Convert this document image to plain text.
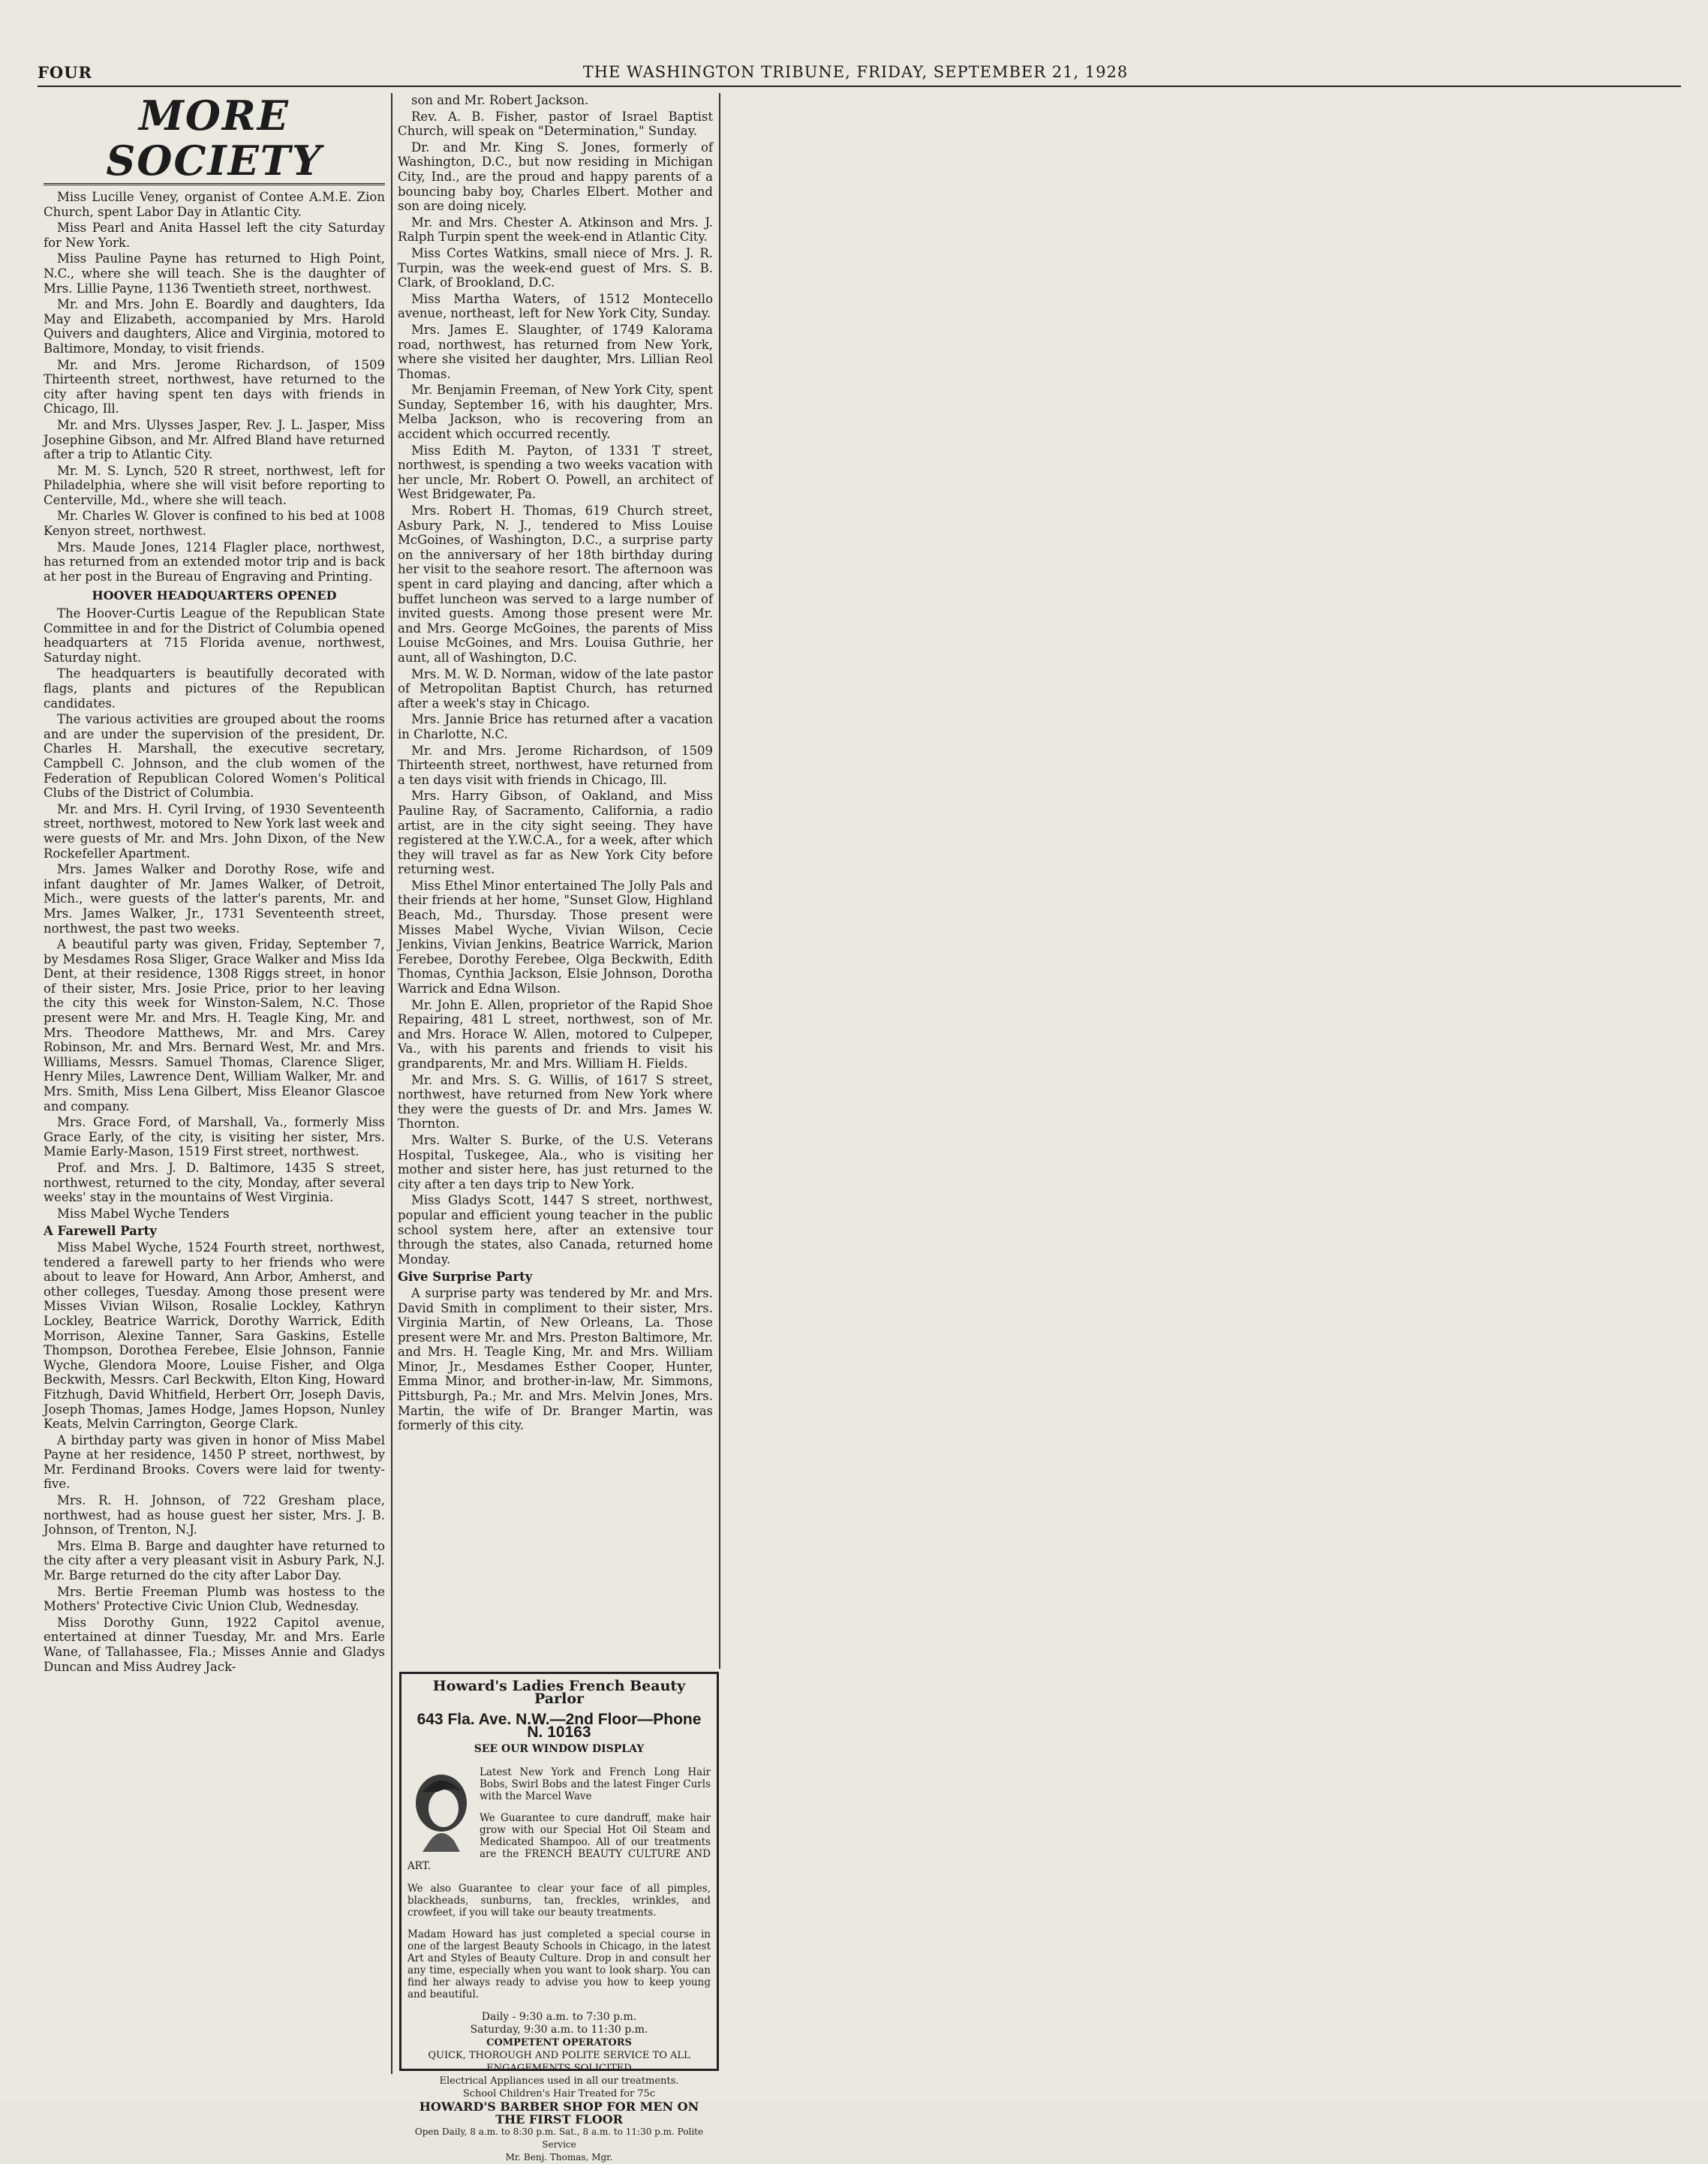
FOUR	THE WASHINGTON TRIBUNE, FRIDAY, SEPTEMBER 21, 1928
MORE SOCIETY

Miss Lucille Veney, organist of Contee A.M.E. Zion Church, spent Labor Day in Atlantic City.

Miss Pearl and Anita Hassel left the city Saturday for New York.

Miss Pauline Payne has returned to High Point, N.C., where she will teach. She is the daughter of Mrs. Lillie Payne, 1136 Twentieth street, northwest.

Mr. and Mrs. John E. Boardly and daughters, Ida May and Elizabeth, accompanied by Mrs. Harold Quivers and daughters, Alice and Virginia, motored to Baltimore, Monday, to visit friends.

Mr. and Mrs. Jerome Richardson, of 1509 Thirteenth street, northwest, have returned to the city after having spent ten days with friends in Chicago, Ill.

Mr. and Mrs. Ulysses Jasper, Rev. J. L. Jasper, Miss Josephine Gibson, and Mr. Alfred Bland have returned after a trip to Atlantic City.

Mr. M. S. Lynch, 520 R street, northwest, left for Philadelphia, where she will visit before reporting to Centerville, Md., where she will teach.

Mr. Charles W. Glover is confined to his bed at 1008 Kenyon street, northwest.

Mrs. Maude Jones, 1214 Flagler place, northwest, has returned from an extended motor trip and is back at her post in the Bureau of Engraving and Printing.

HOOVER HEADQUARTERS OPENED

The Hoover-Curtis League of the Republican State Committee in and for the District of Columbia opened headquarters at 715 Florida avenue, northwest, Saturday night.

The headquarters is beautifully decorated with flags, plants and pictures of the Republican candidates.

The various activities are grouped about the rooms and are under the supervision of the president, Dr. Charles H. Marshall, the executive secretary, Campbell C. Johnson, and the club women of the Federation of Republican Colored Women's Political Clubs of the District of Columbia.

Mr. and Mrs. H. Cyril Irving, of 1930 Seventeenth street, northwest, motored to New York last week and were guests of Mr. and Mrs. John Dixon, of the New Rockefeller Apartment.

Mrs. James Walker and Dorothy Rose, wife and infant daughter of Mr. James Walker, of Detroit, Mich., were guests of the latter's parents, Mr. and Mrs. James Walker, Jr., 1731 Seventeenth street, northwest, the past two weeks.

A beautiful party was given, Friday, September 7, by Mesdames Rosa Sliger, Grace Walker and Miss Ida Dent, at their residence, 1308 Riggs street, in honor of their sister, Mrs. Josie Price, prior to her leaving the city this week for Winston-Salem, N.C. Those present were Mr. and Mrs. H. Teagle King, Mr. and Mrs. Theodore Matthews, Mr. and Mrs. Carey Robinson, Mr. and Mrs. Bernard West, Mr. and Mrs. Williams, Messrs. Samuel Thomas, Clarence Sliger, Henry Miles, Lawrence Dent, William Walker, Mr. and Mrs. Smith, Miss Lena Gilbert, Miss Eleanor Glascoe and company.

Mrs. Grace Ford, of Marshall, Va., formerly Miss Grace Early, of the city, is visiting her sister, Mrs. Mamie Early-Mason, 1519 First street, northwest.

Prof. and Mrs. J. D. Baltimore, 1435 S street, northwest, returned to the city, Monday, after several weeks' stay in the mountains of West Virginia.

Miss Mabel Wyche Tenders

A Farewell Party

Miss Mabel Wyche, 1524 Fourth street, northwest, tendered a farewell party to her friends who were about to leave for Howard, Ann Arbor, Amherst, and other colleges, Tuesday. Among those present were Misses Vivian Wilson, Rosalie Lockley, Kathryn Lockley, Beatrice Warrick, Dorothy Warrick, Edith Morrison, Alexine Tanner, Sara Gaskins, Estelle Thompson, Dorothea Ferebee, Elsie Johnson, Fannie Wyche, Glendora Moore, Louise Fisher, and Olga Beckwith, Messrs. Carl Beckwith, Elton King, Howard Fitzhugh, David Whitfield, Herbert Orr, Joseph Davis, Joseph Thomas, James Hodge, James Hopson, Nunley Keats, Melvin Carrington, George Clark.

A birthday party was given in honor of Miss Mabel Payne at her residence, 1450 P street, northwest, by Mr. Ferdinand Brooks. Covers were laid for twenty-five.

Mrs. R. H. Johnson, of 722 Gresham place, northwest, had as house guest her sister, Mrs. J. B. Johnson, of Trenton, N.J.

Mrs. Elma B. Barge and daughter have returned to the city after a very pleasant visit in Asbury Park, N.J. Mr. Barge returned do the city after Labor Day.

Mrs. Bertie Freeman Plumb was hostess to the Mothers' Protective Civic Union Club, Wednesday.

Miss Dorothy Gunn, 1922 Capitol avenue, entertained at dinner Tuesday, Mr. and Mrs. Earle Wane, of Tallahassee, Fla.; Misses Annie and Gladys Duncan and Miss Audrey Jack-

son and Mr. Robert Jackson.

Rev. A. B. Fisher, pastor of Israel Baptist Church, will speak on "Determination," Sunday.

Dr. and Mr. King S. Jones, formerly of Washington, D.C., but now residing in Michigan City, Ind., are the proud and happy parents of a bouncing baby boy, Charles Elbert. Mother and son are doing nicely.

Mr. and Mrs. Chester A. Atkinson and Mrs. J. Ralph Turpin spent the week-end in Atlantic City.

Miss Cortes Watkins, small niece of Mrs. J. R. Turpin, was the week-end guest of Mrs. S. B. Clark, of Brookland, D.C.

Miss Martha Waters, of 1512 Montecello avenue, northeast, left for New York City, Sunday.

Mrs. James E. Slaughter, of 1749 Kalorama road, northwest, has returned from New York, where she visited her daughter, Mrs. Lillian Reol Thomas.

Mr. Benjamin Freeman, of New York City, spent Sunday, September 16, with his daughter, Mrs. Melba Jackson, who is recovering from an accident which occurred recently.

Miss Edith M. Payton, of 1331 T street, northwest, is spending a two weeks vacation with her uncle, Mr. Robert O. Powell, an architect of West Bridgewater, Pa.

Mrs. Robert H. Thomas, 619 Church street, Asbury Park, N. J., tendered to Miss Louise McGoines, of Washington, D.C., a surprise party on the anniversary of her 18th birthday during her visit to the seahore resort. The afternoon was spent in card playing and dancing, after which a buffet luncheon was served to a large number of invited guests. Among those present were Mr. and Mrs. George McGoines, the parents of Miss Louise McGoines, and Mrs. Louisa Guthrie, her aunt, all of Washington, D.C.

Mrs. M. W. D. Norman, widow of the late pastor of Metropolitan Baptist Church, has returned after a week's stay in Chicago.

Mrs. Jannie Brice has returned after a vacation in Charlotte, N.C.

Mr. and Mrs. Jerome Richardson, of 1509 Thirteenth street, northwest, have returned from a ten days visit with friends in Chicago, Ill.

Mrs. Harry Gibson, of Oakland, and Miss Pauline Ray, of Sacramento, California, a radio artist, are in the city sight seeing. They have registered at the Y.W.C.A., for a week, after which they will travel as far as New York City before returning west.

Miss Ethel Minor entertained The Jolly Pals and their friends at her home, "Sunset Glow, Highland Beach, Md., Thursday. Those present were Misses Mabel Wyche, Vivian Wilson, Cecie Jenkins, Vivian Jenkins, Beatrice Warrick, Marion Ferebee, Dorothy Ferebee, Olga Beckwith, Edith Thomas, Cynthia Jackson, Elsie Johnson, Dorotha Warrick and Edna Wilson.

Mr. John E. Allen, proprietor of the Rapid Shoe Repairing, 481 L street, northwest, son of Mr. and Mrs. Horace W. Allen, motored to Culpeper, Va., with his parents and friends to visit his grandparents, Mr. and Mrs. William H. Fields.

Mr. and Mrs. S. G. Willis, of 1617 S street, northwest, have returned from New York where they were the guests of Dr. and Mrs. James W. Thornton.

Mrs. Walter S. Burke, of the U.S. Veterans Hospital, Tuskegee, Ala., who is visiting her mother and sister here, has just returned to the city after a ten days trip to New York.

Miss Gladys Scott, 1447 S street, northwest, popular and efficient young teacher in the public school system here, after an extensive tour through the states, also Canada, returned home Monday.

Give Surprise Party

A surprise party was tendered by Mr. and Mrs. David Smith in compliment to their sister, Mrs. Virginia Martin, of New Orleans, La. Those present were Mr. and Mrs. Preston Baltimore, Mr. and Mrs. H. Teagle King, Mr. and Mrs. William Minor, Jr., Mesdames Esther Cooper, Hunter, Emma Minor, and brother-in-law, Mr. Simmons, Pittsburgh, Pa.; Mr. and Mrs. Melvin Jones, Mrs. Martin, the wife of Dr. Branger Martin, was formerly of this city.

Howard's Ladies French Beauty Parlor
643 Fla. Ave. N.W.—2nd Floor—Phone N. 10163
SEE OUR WINDOW DISPLAY

Latest New York and French Long Hair Bobs, Swirl Bobs and the latest Finger Curls with the Marcel Wave

We Guarantee to cure dandruff, make hair grow with our Special Hot Oil Steam and Medicated Shampoo. All of our treatments are the FRENCH BEAUTY CULTURE AND ART.

We also Guarantee to clear your face of all pimples, blackheads, sunburns, tan, freckles, wrinkles, and crowfeet, if you will take our beauty treatments.

Madam Howard has just completed a special course in one of the largest Beauty Schools in Chicago, in the latest Art and Styles of Beauty Culture. Drop in and consult her any time, especially when you want to look sharp. You can find her always ready to advise you how to keep young and beautiful.

Daily - 9:30 a.m. to 7:30 p.m.
Saturday, 9:30 a.m. to 11:30 p.m.
COMPETENT OPERATORS
QUICK, THOROUGH AND POLITE SERVICE TO ALL
ENGAGEMENTS SOLICITED
Electrical Appliances used in all our treatments.
School Children's Hair Treated for 75c
HOWARD'S BARBER SHOP FOR MEN ON THE FIRST FLOOR
Open Daily, 8 a.m. to 8:30 p.m. Sat., 8 a.m. to 11:30 p.m. Polite Service
Mr. Benj. Thomas, Mgr.
